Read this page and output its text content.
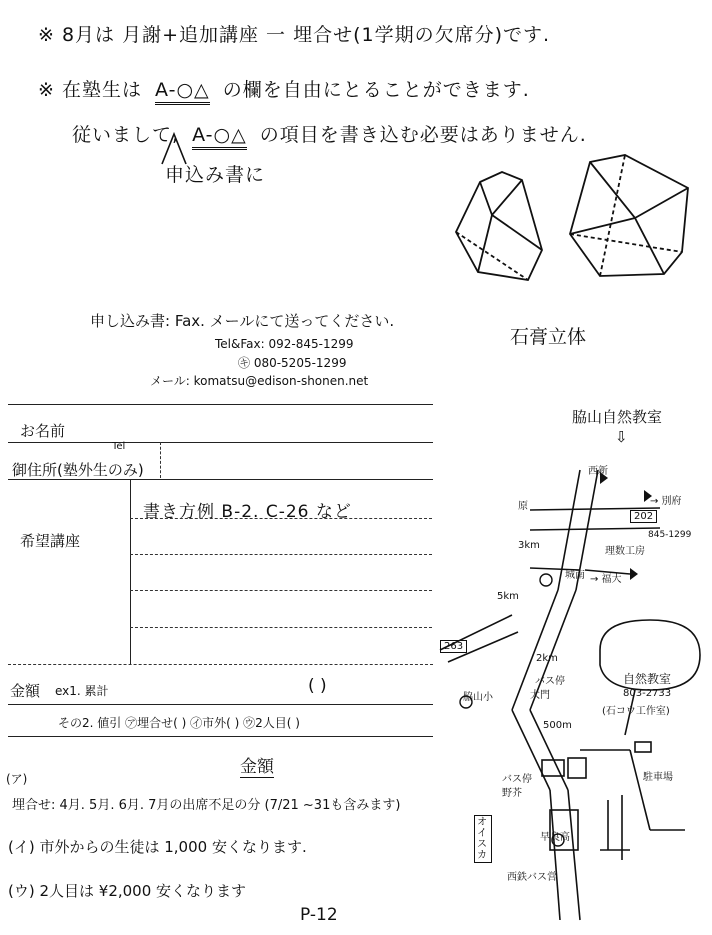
※ 8月は 月謝+追加講座 一 埋合せ(1学期の欠席分)です.
※ 在塾生は A-○△ の欄を自由にとることができます.
従いまして, A-○△ の項目を書き込む必要はありません.
申込み書に
石膏立体
申し込み書: Fax. メールにて送ってください.
Tel&Fax: 092-845-1299
㋖ 080-5205-1299
メール: komatsu@edison-shonen.net
お名前
Tel
御住所(塾外生のみ)
希望講座
書き方例 B-2. C-26 など
金額 ex1. 累計	( )
その2. 値引 ㋐埋合せ( ) ㋑市外( ) ㋒2人目( )
金額
(ア)
埋合せ: 4月. 5月. 6月. 7月の出席不足の分 (7/21 ~31も含みます)
(イ) 市外からの生徒は 1,000 安くなります.
(ウ) 2人目は ¥2,000 安くなります
P-12
脇山自然教室
⇩
西新
→ 別府
原
202
845-1299
理数工房
3km
城南 → 福大
5km
263
2km
脇山小
バス停
大門
500m
バス停
野芥
オイスカ
早良高
西鉄バス営
駐車場
自然教室
803-2733
(石コウ工作室)
